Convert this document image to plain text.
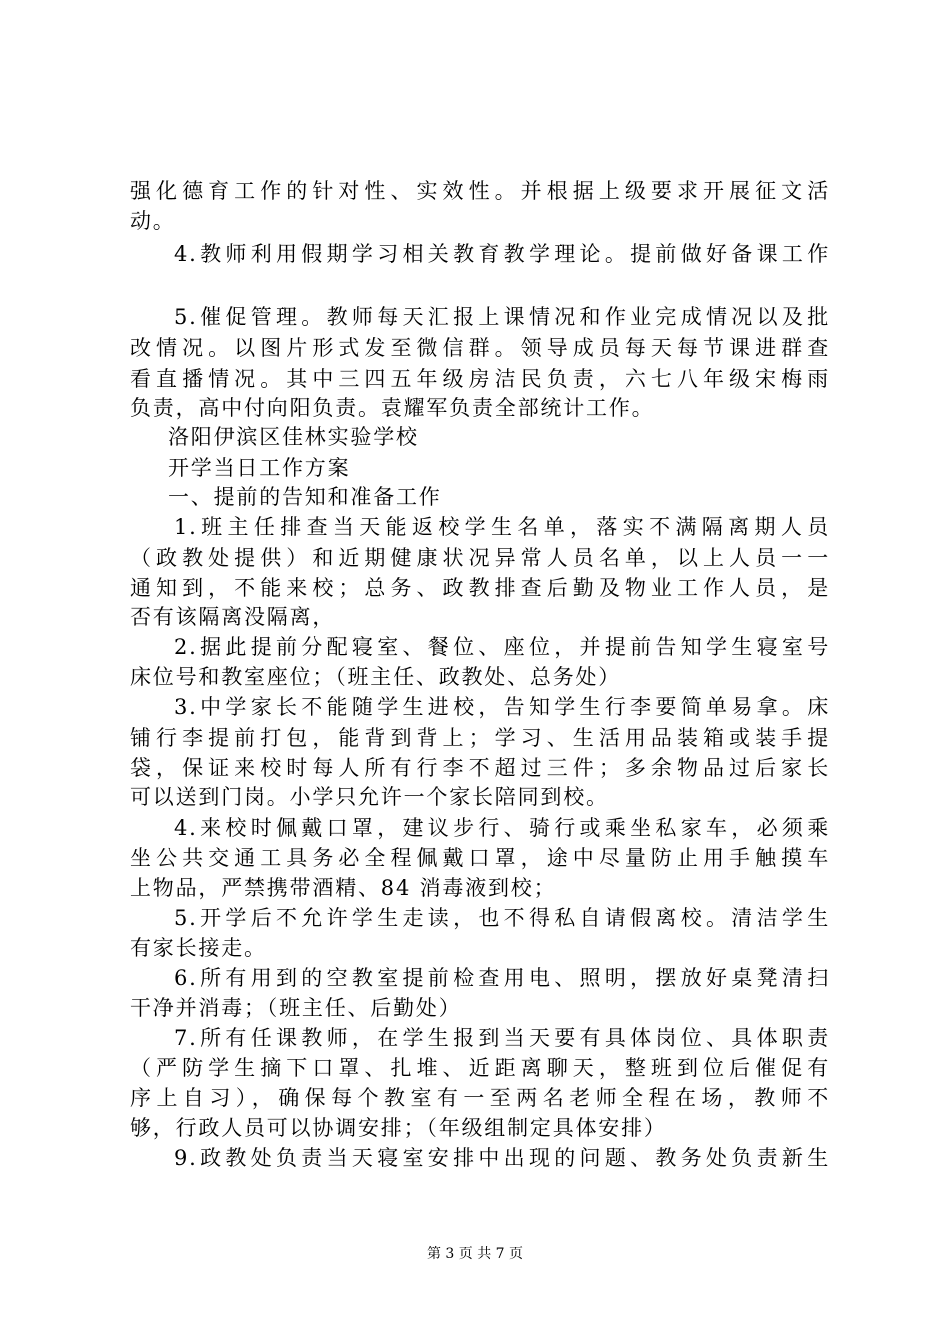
强化德育工作的针对性、实效性。并根据上级要求开展征文活
动。
4.教师利用假期学习相关教育教学理论。提前做好备课工作
5.催促管理。教师每天汇报上课情况和作业完成情况以及批
改情况。以图片形式发至微信群。领导成员每天每节课进群查
看直播情况。其中三四五年级房洁民负责，六七八年级宋梅雨
负责，高中付向阳负责。袁耀军负责全部统计工作。
洛阳伊滨区佳林实验学校
开学当日工作方案
一、提前的告知和准备工作
1.班主任排查当天能返校学生名单，落实不满隔离期人员
（政教处提供）和近期健康状况异常人员名单，以上人员一一
通知到，不能来校；总务、政教排查后勤及物业工作人员，是
否有该隔离没隔离，
2.据此提前分配寝室、餐位、座位，并提前告知学生寝室号
床位号和教室座位；（班主任、政教处、总务处）
3.中学家长不能随学生进校，告知学生行李要简单易拿。床
铺行李提前打包，能背到背上；学习、生活用品装箱或装手提
袋，保证来校时每人所有行李不超过三件；多余物品过后家长
可以送到门岗。小学只允许一个家长陪同到校。
4.来校时佩戴口罩，建议步行、骑行或乘坐私家车，必须乘
坐公共交通工具务必全程佩戴口罩，途中尽量防止用手触摸车
上物品，严禁携带酒精、84 消毒液到校；
5.开学后不允许学生走读，也不得私自请假离校。清洁学生
有家长接走。
6.所有用到的空教室提前检查用电、照明，摆放好桌凳清扫
干净并消毒；（班主任、后勤处）
7.所有任课教师，在学生报到当天要有具体岗位、具体职责
（严防学生摘下口罩、扎堆、近距离聊天，整班到位后催促有
序上自习），确保每个教室有一至两名老师全程在场，教师不
够，行政人员可以协调安排；（年级组制定具体安排）
9.政教处负责当天寝室安排中出现的问题、教务处负责新生
第 3 页 共 7 页
